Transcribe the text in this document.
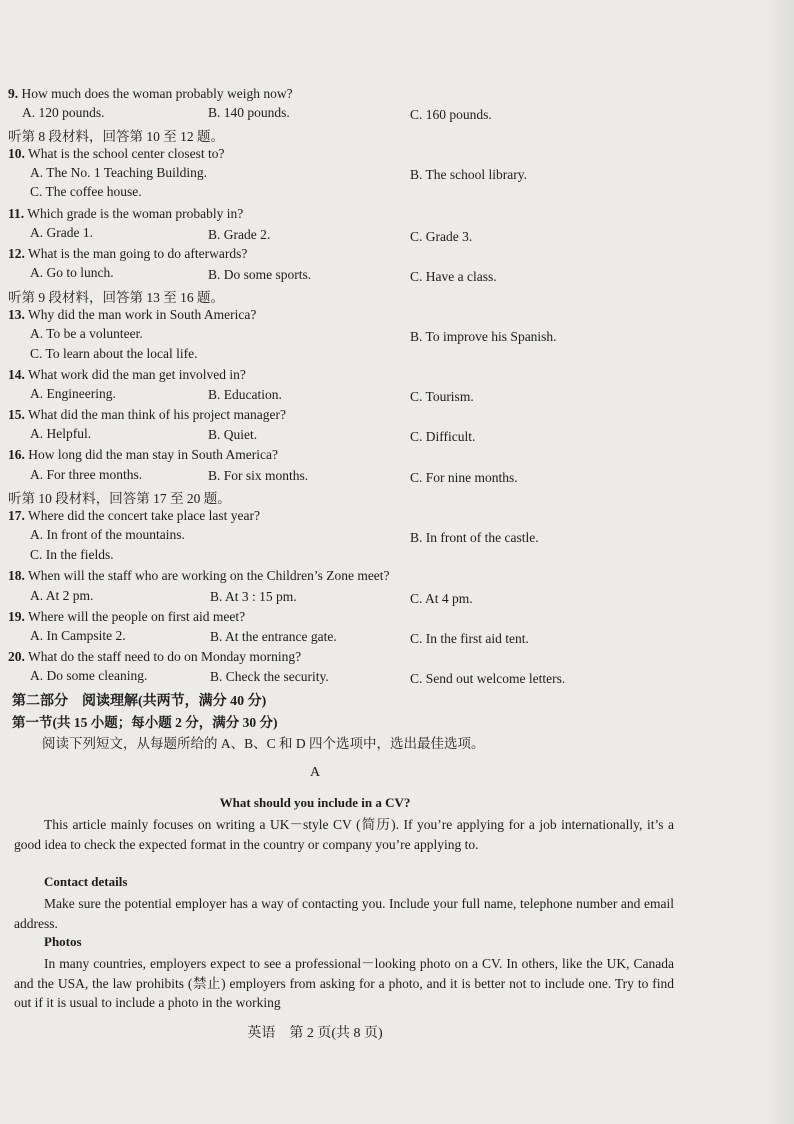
9. How much does the woman probably weigh now?
A. 120 pounds.	B. 140 pounds.	C. 160 pounds.
听第 8 段材料，回答第 10 至 12 题。
10. What is the school center closest to?
A. The No. 1 Teaching Building.	B. The school library.
C. The coffee house.
11. Which grade is the woman probably in?
A. Grade 1.	B. Grade 2.	C. Grade 3.
12. What is the man going to do afterwards?
A. Go to lunch.	B. Do some sports.	C. Have a class.
听第 9 段材料，回答第 13 至 16 题。
13. Why did the man work in South America?
A. To be a volunteer.	B. To improve his Spanish.
C. To learn about the local life.
14. What work did the man get involved in?
A. Engineering.	B. Education.	C. Tourism.
15. What did the man think of his project manager?
A. Helpful.	B. Quiet.	C. Difficult.
16. How long did the man stay in South America?
A. For three months.	B. For six months.	C. For nine months.
听第 10 段材料，回答第 17 至 20 题。
17. Where did the concert take place last year?
A. In front of the mountains.	B. In front of the castle.
C. In the fields.
18. When will the staff who are working on the Children’s Zone meet?
A. At 2 pm.	B. At 3 : 15 pm.	C. At 4 pm.
19. Where will the people on first aid meet?
A. In Campsite 2.	B. At the entrance gate.	C. In the first aid tent.
20. What do the staff need to do on Monday morning?
A. Do some cleaning.	B. Check the security.	C. Send out welcome letters.
第二部分　阅读理解(共两节，满分 40 分)
第一节(共 15 小题；每小题 2 分，满分 30 分)
阅读下列短文，从每题所给的 A、B、C 和 D 四个选项中，选出最佳选项。
A
What should you include in a CV?
This article mainly focuses on writing a UK－style CV (简历). If you’re applying for a job internationally, it’s a good idea to check the expected format in the country or company you’re applying to.
Contact details
Make sure the potential employer has a way of contacting you. Include your full name, telephone number and email address.
Photos
In many countries, employers expect to see a professional－looking photo on a CV. In others, like the UK, Canada and the USA, the law prohibits (禁止) employers from asking for a photo, and it is better not to include one. Try to find out if it is usual to include a photo in the working
英语　第 2 页(共 8 页)
